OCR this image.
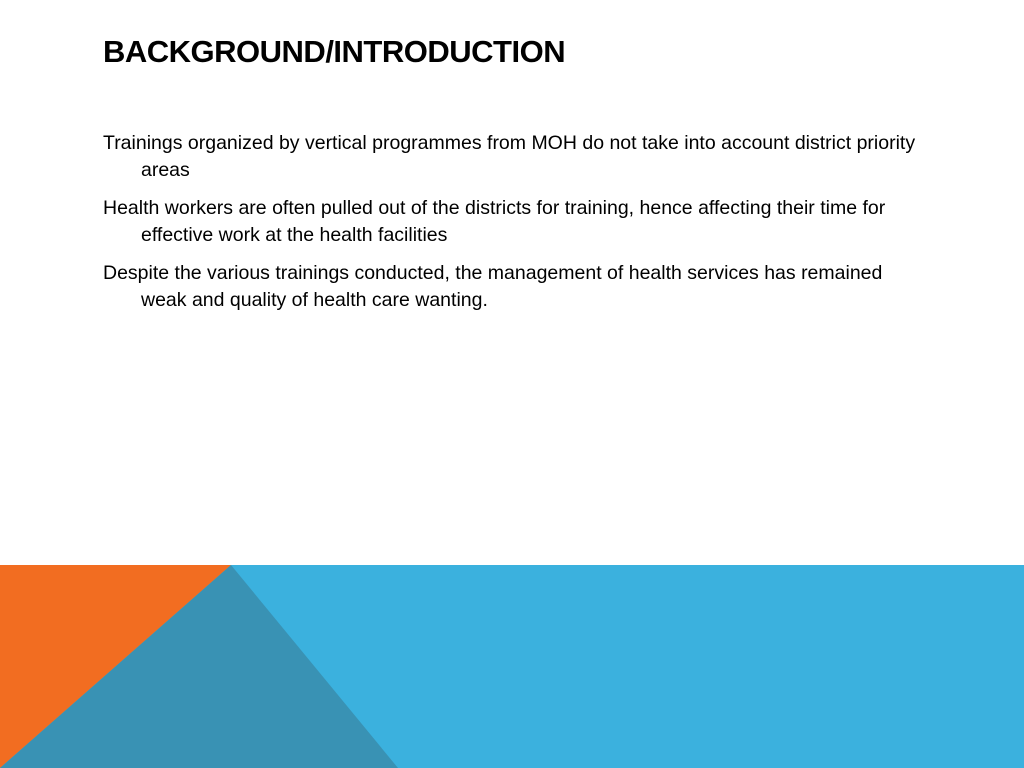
BACKGROUND/INTRODUCTION
Trainings organized by vertical programmes from MOH do not take into account district priority areas
Health workers are often pulled out of the districts for training, hence affecting their time for effective work at the health facilities
Despite the various trainings conducted, the management of health services has remained weak and quality of health care wanting.
